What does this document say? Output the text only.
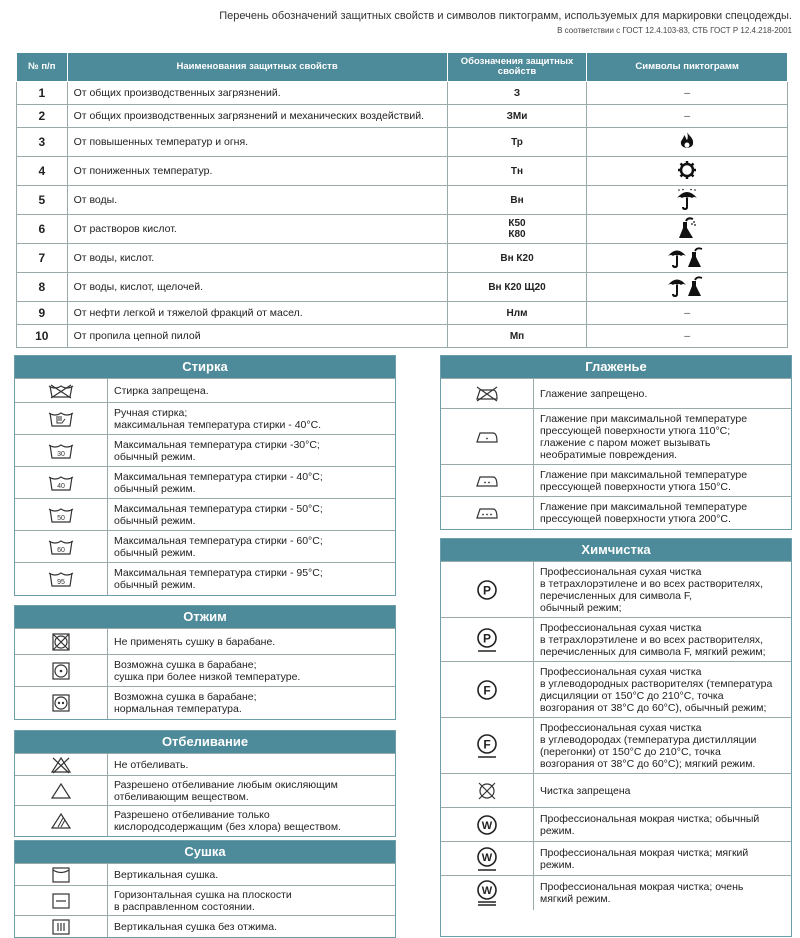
Перечень обозначений защитных свойств и символов пиктограмм, используемых для маркировки спецодежды.
В соответствии с ГОСТ 12.4.103-83, СТБ ГОСТ Р 12.4.218-2001
№ п/п	Наименования защитных свойств	Обозначения защитных свойств	Символы пиктограмм
1	От общих производственных загрязнений.	З	–
2	От общих производственных загрязнений и механических воздействий.	ЗМи	–
3	От повышенных температур и огня.	Тр	
4	От пониженных температур.	Тн	
5	От воды.	Вн	
6	От растворов кислот.	К50
К80

7	От воды, кислот.	Вн К20	
8	От воды, кислот, щелочей.	Вн К20 Щ20	
9	От нефти легкой и тяжелой фракций от масел.	Нлм	–
10	От пропила цепной пилой	Мп	–
Стирка
	Стирка запрещена.

Ручная стирка;
максимальная температура стирки - 40°С.

30	Максимальная температура стирки -30°С;
обычный режим.

40	Максимальная температура стирки - 40°С;
обычный режим.

50	Максимальная температура стирки - 50°С;
обычный режим.

60	Максимальная температура стирки - 60°С;
обычный режим.

95	Максимальная температура стирки - 95°С;
обычный режим.
Отжим
	Не применять сушку в барабане.

Возможна сушка в барабане;
сушка при более низкой температуре.

Возможна сушка в барабане;
нормальная температура.
Отбеливание
	Не отбеливать.

Разрешено отбеливание любым окисляющим
отбеливающим веществом.

Разрешено отбеливание только
кислородсодержащим (без хлора) веществом.
Сушка
	Вертикальная сушка.

Горизонтальная сушка на плоскости
в расправленном состоянии.

	Вертикальная сушка без отжима.
Глаженье
	Глажение запрещено.

Глажение при максимальной температуре
прессующей поверхности утюга 110°С;
глажение с паром может вызывать
необратимые повреждения.

Глажение при максимальной температуре
прессующей поверхности утюга 150°С.

Глажение при максимальной температуре
прессующей поверхности утюга 200°С.
Химчистка
P	Профессиональная сухая чистка
в тетрахлорэтилене и во всех растворителях,
перечисленных для символа F,
обычный режим;

P	Профессиональная сухая чистка
в тетрахлорэтилене и во всех растворителях,
перечисленных для символа F, мягкий режим;

F	Профессиональная сухая чистка
в углеводородных растворителях (температура
дисциляции от 150°С до 210°С, точка
возгорания от 38°С до 60°С), обычный режим;

F	Профессиональная сухая чистка
в углеводородах (температура дистилляции
(перегонки) от 150°С до 210°С, точка
возгорания от 38°С до 60°С); мягкий режим.

	Чистка запрещена

W	Профессиональная мокрая чистка; обычный
режим.

W	Профессиональная мокрая чистка; мягкий
режим.

W	Профессиональная мокрая чистка; очень
мягкий режим.
